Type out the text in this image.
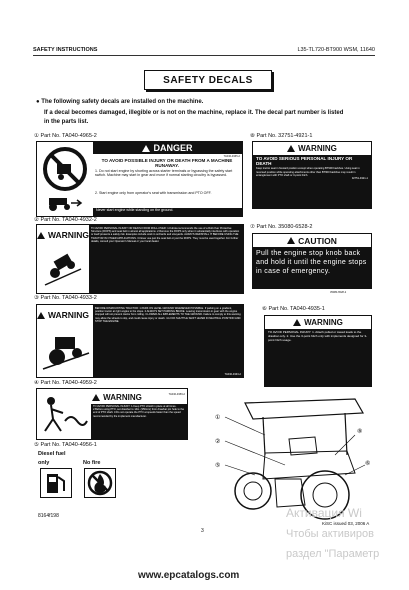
SAFETY INSTRUCTIONS	L35-TL720-BT900 WSM, 11640
SAFETY DECALS
● The following safety decals are installed on the machine.
If a decal becomes damaged, illegible or is not on the machine, replace it. The decal part number is listed
in the parts list.
① Part No. TA040-4965-2
DANGER
TA040-4965-2
TO AVOID POSSIBLE INJURY OR DEATH FROM A MACHINE RUNAWAY.
1. Do not start engine by shorting across starter terminals or bypassing the safety start switch. Machine may start in gear and move if normal starting circuitry is bypassed.
2. Start engine only from operator's seat with transmission and PTO OFF.
Never start engine while standing on the ground.
② Part No. TA040-4932-2
WARNING
TO AVOID PERSONAL INJURY OR DEATH FROM ROLL-OVER: 1.Kubota recommends the use of a Roll-Over Protective Structure (ROPS) and seat belt in almost all applications. 2.Remove the ROPS only when it substantially interferes with operation or itself presents a safety risk. Examples include work in orchards and vineyards. ALWAYS REINSTALL IT BEFORE USING THE TRACTOR IN OTHER APPLICATIONS. 3.Never use just the seat belt or just the ROPS. They must be used together. For further details, consult your Operator's Manual or your local dealer.
③ Part No. TA040-4933-2
WARNING
BEFORE DISMOUNTING TRACTOR: 1.PARK ON LEVEL GROUND WHENEVER POSSIBLE. If parking on a gradient, position tractor at right angles to the slope. 2.ALWAYS SET PARKING BRAKE. Leaving transmission in gear with the engine stopped will not prevent tractor from rolling. 3.LOWER ALL IMPLEMENTS TO THE GROUND. Failure to comply to this warning may allow the wheels to slip, and could cause injury or death. 4.LOCK SHUTTLE SHIFT LEVER IN NEUTRAL POSITION AND STOP THE ENGINE.
TA040-4933-2
④ Part No. TA040-4959-2
WARNING	TA040-4959-2
TO AVOID PERSONAL INJURY: 1.Keep PTO shield in place at all times. 2.Before using PTO, set drawbar to 14in. (356mm) from drawbar pin hole to the end of PTO shaft. 3.Do not operate the PTO at speeds faster than the speed recommended by the implement manufacturer.
⑤ Part No. TA040-4956-1
Diesel fuel
only	No fire
⑧ Part No. 32751-4921-1
WARNING
TO AVOID SERIOUS PERSONAL INJURY OR DEATH
Keep tractor seat in forward position except when operating BT900 backhoe. Using seat in reversed position while operating attachments other than BT900 backhoe may result in entanglement with PTO shaft or 3-point hitch.
32751-4921-1
⑦ Part No. 35080-6528-2
CAUTION
Pull the engine stop knob back and hold it until the engine stops in case of emergency.
35080-6528-2
⑥ Part No. TA040-4935-1
WARNING
TO AVOID PERSONAL INJURY: 1. Attach pulled or towed loads to the drawbar only. 2. Use the 3-point hitch only with implements designed for 3-point hitch usage.
①
②
⑧
⑥
⑤
8164f198
3
KiSC issued 03, 2006 A
Активация Wi
Чтобы активиров
раздел "Параметр
www.epcatalogs.com
